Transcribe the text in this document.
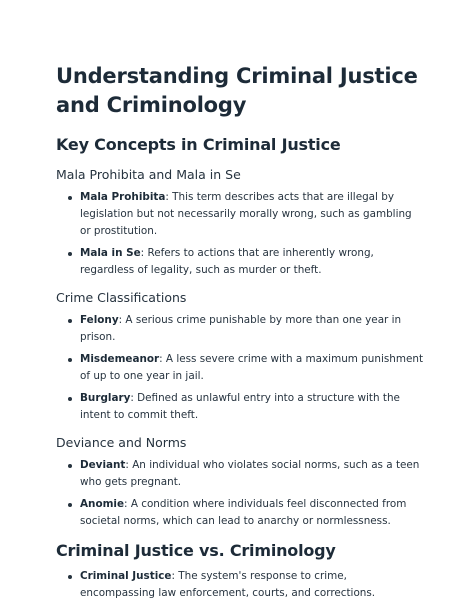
Understanding Criminal Justice and Criminology
Key Concepts in Criminal Justice
Mala Prohibita and Mala in Se
Mala Prohibita: This term describes acts that are illegal by legislation but not necessarily morally wrong, such as gambling or prostitution.
Mala in Se: Refers to actions that are inherently wrong, regardless of legality, such as murder or theft.
Crime Classifications
Felony: A serious crime punishable by more than one year in prison.
Misdemeanor: A less severe crime with a maximum punishment of up to one year in jail.
Burglary: Defined as unlawful entry into a structure with the intent to commit theft.
Deviance and Norms
Deviant: An individual who violates social norms, such as a teen who gets pregnant.
Anomie: A condition where individuals feel disconnected from societal norms, which can lead to anarchy or normlessness.
Criminal Justice vs. Criminology
Criminal Justice: The system's response to crime, encompassing law enforcement, courts, and corrections.
